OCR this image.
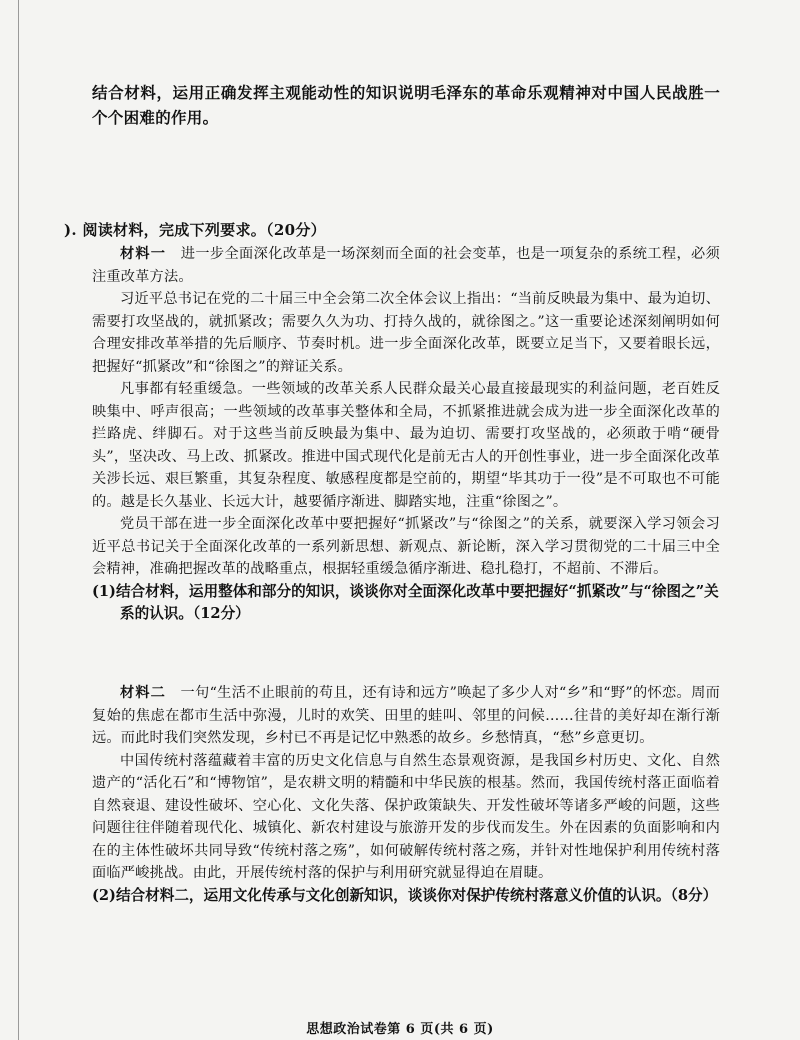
结合材料，运用正确发挥主观能动性的知识说明毛泽东的革命乐观精神对中国人民战胜一个个困难的作用。

). 阅读材料，完成下列要求。（20分）

材料一　 进一步全面深化改革是一场深刻而全面的社会变革，也是一项复杂的系统工程，必须注重改革方法。

习近平总书记在党的二十届三中全会第二次全体会议上指出：“当前反映最为集中、最为迫切、需要打攻坚战的，就抓紧改；需要久久为功、打持久战的，就徐图之。”这一重要论述深刻阐明如何合理安排改革举措的先后顺序、节奏时机。进一步全面深化改革，既要立足当下，又要着眼长远，把握好“抓紧改”和“徐图之”的辩证关系。

凡事都有轻重缓急。一些领域的改革关系人民群众最关心最直接最现实的利益问题，老百姓反映集中、呼声很高；一些领域的改革事关整体和全局，不抓紧推进就会成为进一步全面深化改革的拦路虎、绊脚石。对于这些当前反映最为集中、最为迫切、需要打攻坚战的，必须敢于啃“硬骨头”，坚决改、马上改、抓紧改。推进中国式现代化是前无古人的开创性事业，进一步全面深化改革关涉长远、艰巨繁重，其复杂程度、敏感程度都是空前的，期望“毕其功于一役”是不可取也不可能的。越是长久基业、长远大计，越要循序渐进、脚踏实地，注重“徐图之”。

党员干部在进一步全面深化改革中要把握好“抓紧改”与“徐图之”的关系，就要深入学习领会习近平总书记关于全面深化改革的一系列新思想、新观点、新论断，深入学习贯彻党的二十届三中全会精神，准确把握改革的战略重点，根据轻重缓急循序渐进、稳扎稳打，不超前、不滞后。

(1)结合材料，运用整体和部分的知识，谈谈你对全面深化改革中要把握好“抓紧改”与“徐图之”关系的认识。（12分）

材料二　 一句“生活不止眼前的苟且，还有诗和远方”唤起了多少人对“乡”和“野”的怀恋。周而复始的焦虑在都市生活中弥漫，儿时的欢笑、田里的蛙叫、邻里的问候……往昔的美好却在渐行渐远。而此时我们突然发现，乡村已不再是记忆中熟悉的故乡。乡愁情真，“愁”乡意更切。

中国传统村落蕴藏着丰富的历史文化信息与自然生态景观资源，是我国乡村历史、文化、自然遗产的“活化石”和“博物馆”，是农耕文明的精髓和中华民族的根基。然而，我国传统村落正面临着自然衰退、建设性破坏、空心化、文化失落、保护政策缺失、开发性破坏等诸多严峻的问题，这些问题往往伴随着现代化、城镇化、新农村建设与旅游开发的步伐而发生。外在因素的负面影响和内在的主体性破坏共同导致“传统村落之殇”，如何破解传统村落之殇，并针对性地保护利用传统村落面临严峻挑战。由此，开展传统村落的保护与利用研究就显得迫在眉睫。

(2)结合材料二，运用文化传承与文化创新知识，谈谈你对保护传统村落意义价值的认识。（8分）

思想政治试卷第 6 页(共 6 页)
